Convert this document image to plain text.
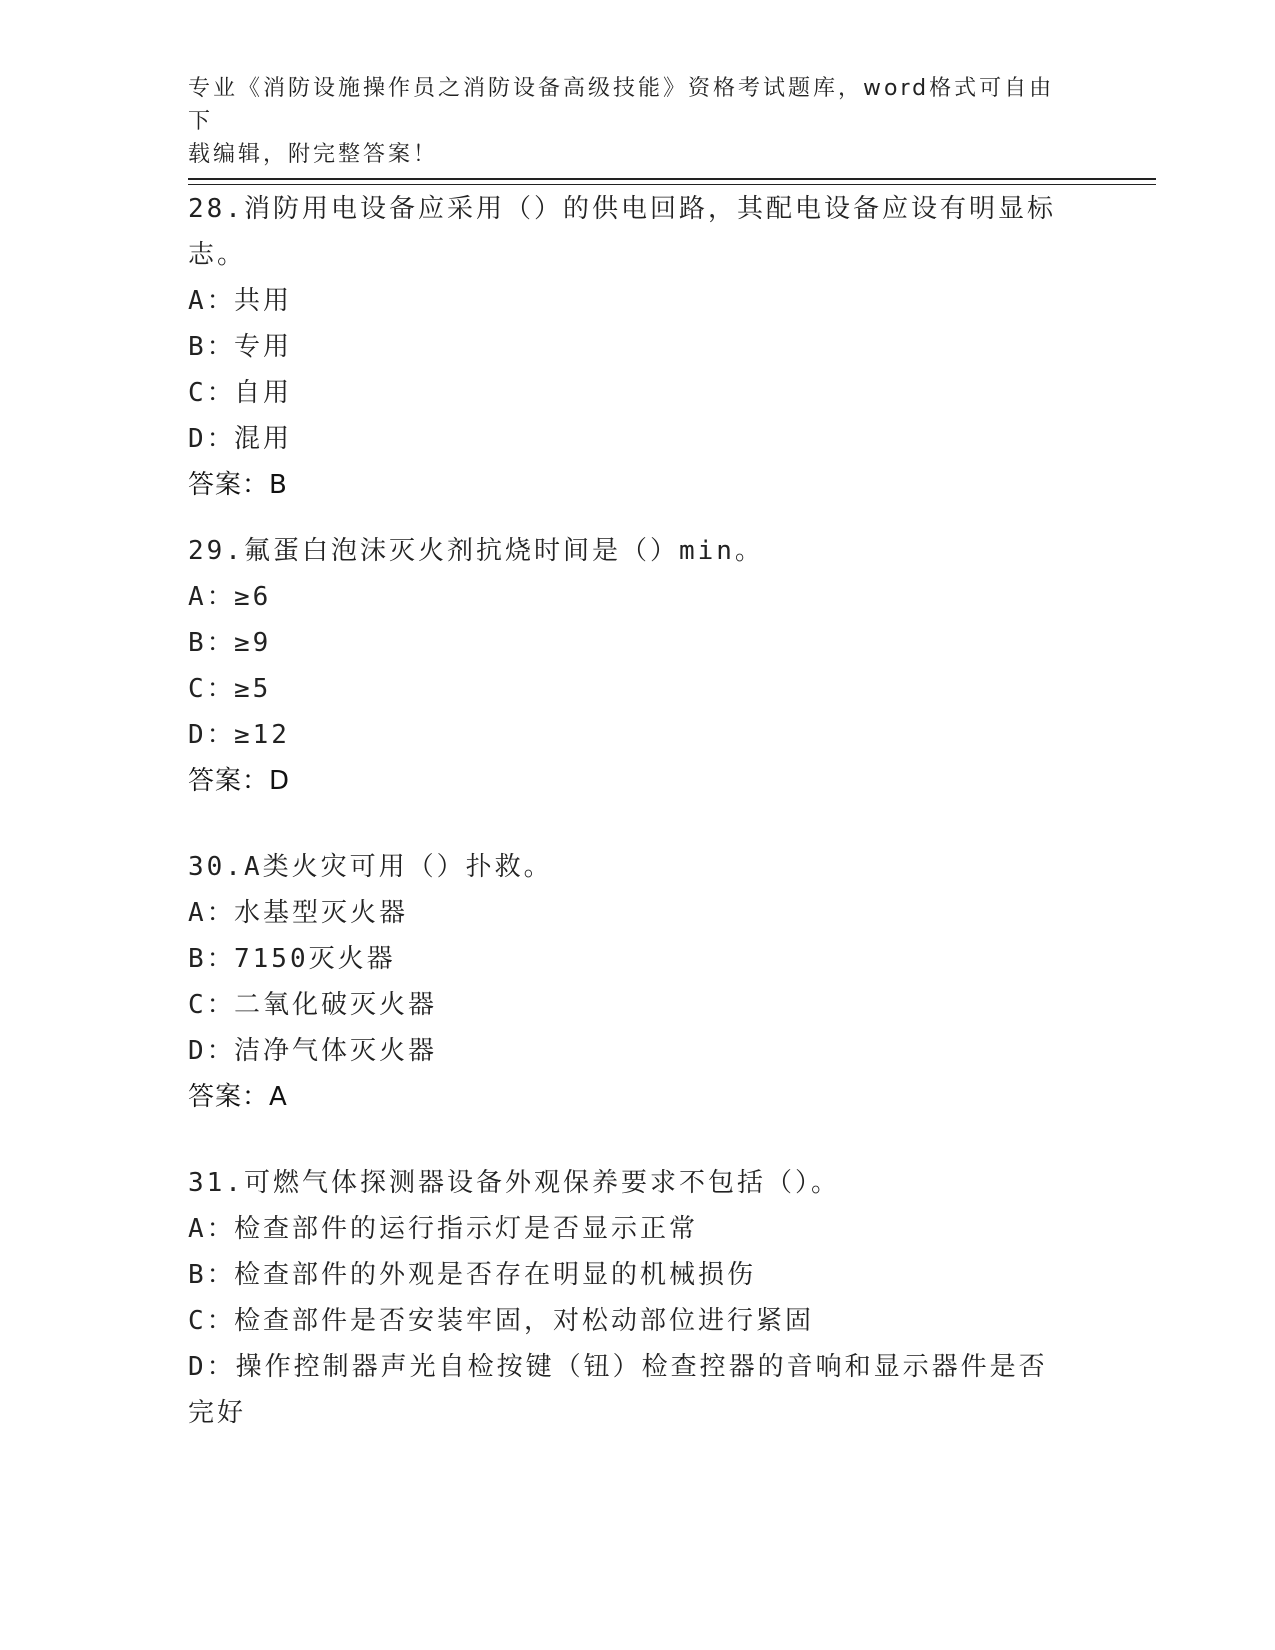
专业《消防设施操作员之消防设备高级技能》资格考试题库，word格式可自由下
载编辑，附完整答案！
28.消防用电设备应采用（）的供电回路，其配电设备应设有明显标志。
A：共用
B：专用
C：自用
D：混用
答案：B
29.氟蛋白泡沫灭火剂抗烧时间是（）min。
A：≥6
B：≥9
C：≥5
D：≥12
答案：D
30.A类火灾可用（）扑救。
A：水基型灭火器
B：7150灭火器
C：二氧化破灭火器
D：洁净气体灭火器
答案：A
31.可燃气体探测器设备外观保养要求不包括（）。
A：检查部件的运行指示灯是否显示正常
B：检查部件的外观是否存在明显的机械损伤
C：检查部件是否安装牢固，对松动部位进行紧固
D：操作控制器声光自检按键（钮）检查控器的音响和显示器件是否完好
